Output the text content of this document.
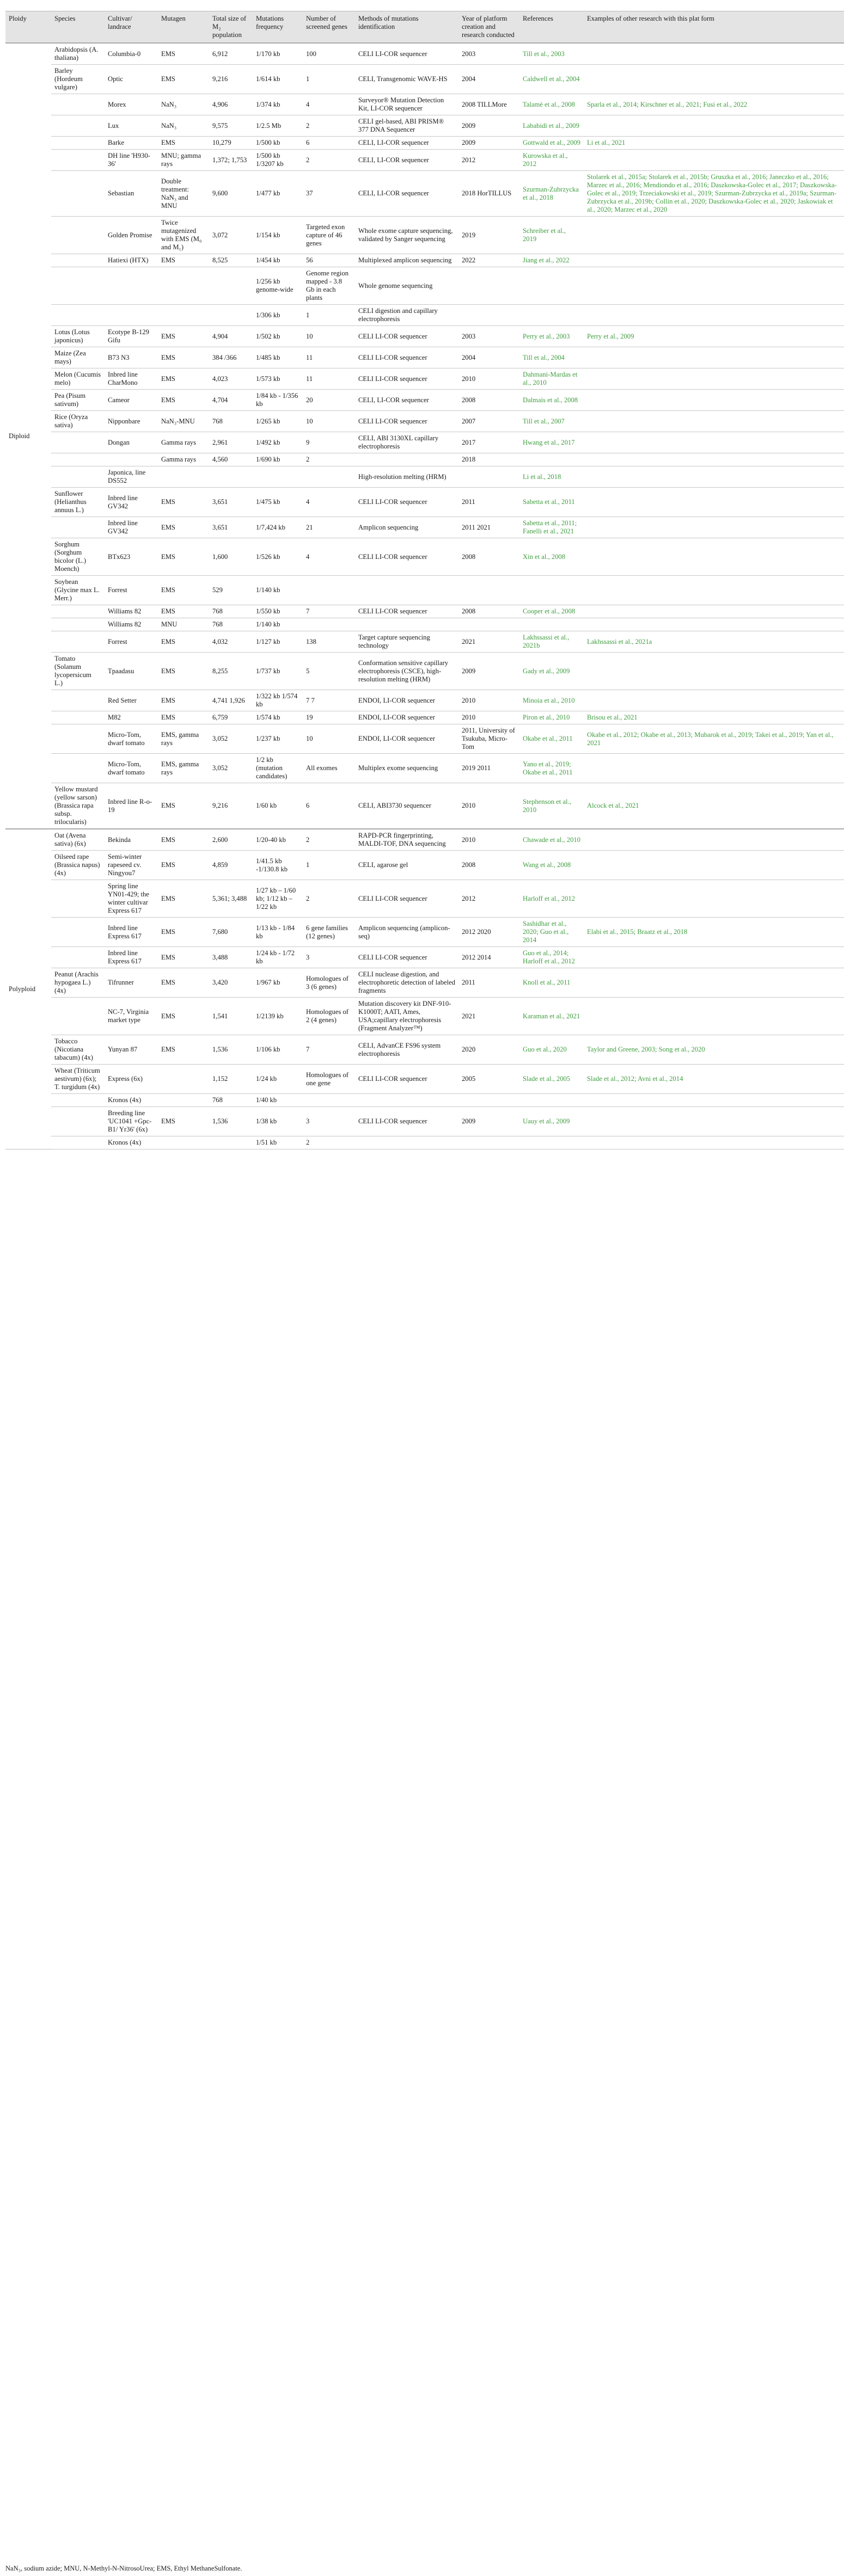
Ploidy	Species	Cultivar/ landrace	Mutagen	Total size of M₂ population	Mutations frequency	Number of screened genes	Methods of mutations identification	Year of platform creation and research conducted	References	Examples of other research with this plat form
Diploid	Arabidopsis (A. thaliana)	Columbia-0	EMS	6,912	1/170 kb	100	CELI LI-COR sequencer	2003	Till et al., 2003	
	Barley (Hordeum vulgare)	Optic	EMS	9,216	1/614 kb	1	CELI, Transgenomic WAVE-HS	2004	Caldwell et al., 2004	
		Morex	NaN₃	4,906	1/374 kb	4	Surveyor® Mutation Detection Kit, LI-COR sequencer	2008 TILLMore	Talamè et al., 2008	Sparla et al., 2014; Kirschner et al., 2021; Fusi et al., 2022
		Lux	NaN₃	9,575	1/2.5 Mb	2	CELI gel-based, ABI PRISM® 377 DNA Sequencer	2009	Lababidi et al., 2009	
		Barke	EMS	10,279	1/500 kb	6	CELI, LI-COR sequencer	2009	Gottwald et al., 2009	Li et al., 2021
		DH line 'H930-36'	MNU; gamma rays	1,372; 1,753	1/500 kb 1/3207 kb	2	CELI, LI-COR sequencer	2012	Kurowska et al., 2012	
		Sebastian	Double treatment: NaN₃ and MNU	9,600	1/477 kb	37	CELI, LI-COR sequencer	2018 HorTILLUS	Szurman-Zubrzycka et al., 2018	Stolarek et al., 2015a; Stolarek et al., 2015b; Gruszka et al., 2016; Janeczko et al., 2016; Marzec et al., 2016; Mendiondo et al., 2016; Daszkowska-Golec et al., 2017; Daszkowska-Golec et al., 2019; Trzeciakowski et al., 2019; Szurman-Zubrzycka et al., 2019a; Szurman-Zubrzycka et al., 2019b; Collin et al., 2020; Daszkowska-Golec et al., 2020; Jaskowiak et al., 2020; Marzec et al., 2020
		Golden Promise	Twice mutagenized with EMS (M₀ and M₁)	3,072	1/154 kb	Targeted exon capture of 46 genes	Whole exome capture sequencing, validated by Sanger sequencing	2019	Schreiber et al., 2019	
		Hatiexi (HTX)	EMS	8,525	1/454 kb	56	Multiplexed amplicon sequencing	2022	Jiang et al., 2022	
					1/256 kb genome-wide	Genome region mapped - 3.8 Gb in each plants	Whole genome sequencing			
					1/306 kb	1	CELI digestion and capillary electrophoresis			
	Lotus (Lotus japonicus)	Ecotype B-129 Gifu	EMS	4,904	1/502 kb	10	CELI LI-COR sequencer	2003	Perry et al., 2003	Perry et al., 2009
	Maize (Zea mays)	B73 N3	EMS	384 /366	1/485 kb	11	CELI LI-COR sequencer	2004	Till et al., 2004	
	Melon (Cucumis melo)	Inbred line CharMono	EMS	4,023	1/573 kb	11	CELI LI-COR sequencer	2010	Dahmani-Mardas et al., 2010	
	Pea (Pisum sativum)	Cameor	EMS	4,704	1/84 kb - 1/356 kb	20	CELI, LI-COR sequencer	2008	Dalmais et al., 2008	
	Rice (Oryza sativa)	Nipponbare	NaN₃-MNU	768	1/265 kb	10	CELI LI-COR sequencer	2007	Till et al., 2007	
		Dongan	Gamma rays	2,961	1/492 kb	9	CELI, ABI 3130XL capillary electrophoresis	2017	Hwang et al., 2017	
			Gamma rays	4,560	1/690 kb	2		2018		
		Japonica, line DS552					High-resolution melting (HRM)		Li et al., 2018	
	Sunflower (Helianthus annuus L.)	Inbred line GV342	EMS	3,651	1/475 kb	4	CELI LI-COR sequencer	2011	Sabetta et al., 2011	
		Inbred line GV342	EMS	3,651	1/7,424 kb	21	Amplicon sequencing	2011 2021	Sabetta et al., 2011; Fanelli et al., 2021	
	Sorghum (Sorghum bicolor (L.) Moench)	BTx623	EMS	1,600	1/526 kb	4	CELI LI-COR sequencer	2008	Xin et al., 2008	
	Soybean (Glycine max L. Merr.)	Forrest	EMS	529	1/140 kb					
		Williams 82	EMS	768	1/550 kb	7	CELI LI-COR sequencer	2008	Cooper et al., 2008	
		Williams 82	MNU	768	1/140 kb					
		Forrest	EMS	4,032	1/127 kb	138	Target capture sequencing technology	2021	Lakhssassi et al., 2021b	Lakhssassi et al., 2021a
	Tomato (Solanum lycopersicum L.)	Tpaadasu	EMS	8,255	1/737 kb	5	Conformation sensitive capillary electrophoresis (CSCE), high-resolution melting (HRM)	2009	Gady et al., 2009	
		Red Setter	EMS	4,741 1,926	1/322 kb 1/574 kb	7 7	ENDOI, LI-COR sequencer	2010	Minoia et al., 2010	
		M82	EMS	6,759	1/574 kb	19	ENDOI, LI-COR sequencer	2010	Piron et al., 2010	Brisou et al., 2021
		Micro-Tom, dwarf tomato	EMS, gamma rays	3,052	1/237 kb	10	ENDOI, LI-COR sequencer	2011, University of Tsukuba, Micro-Tom	Okabe et al., 2011	Okabe et al., 2012; Okabe et al., 2013; Mubarok et al., 2019; Takei et al., 2019; Yan et al., 2021
		Micro-Tom, dwarf tomato	EMS, gamma rays	3,052	1/2 kb (mutation candidates)	All exomes	Multiplex exome sequencing	2019 2011	Yano et al., 2019; Okabe et al., 2011	
	Yellow mustard (yellow sarson) (Brassica rapa subsp. trilocularis)	Inbred line R-o-19	EMS	9,216	1/60 kb	6	CELI, ABI3730 sequencer	2010	Stephenson et al., 2010	Alcock et al., 2021
Polyploid	Oat (Avena sativa) (6x)	Bekinda	EMS	2,600	1/20-40 kb	2	RAPD-PCR fingerprinting, MALDI-TOF, DNA sequencing	2010	Chawade et al., 2010	
	Oilseed rape (Brassica napus) (4x)	Semi-winter rapeseed cv. Ningyou7	EMS	4,859	1/41.5 kb -1/130.8 kb	1	CELI, agarose gel	2008	Wang et al., 2008	
		Spring line YN01-429; the winter cultivar Express 617	EMS	5,361; 3,488	1/27 kb – 1/60 kb; 1/12 kb – 1/22 kb	2	CELI LI-COR sequencer	2012	Harloff et al., 2012	
		Inbred line Express 617	EMS	7,680	1/13 kb - 1/84 kb	6 gene families (12 genes)	Amplicon sequencing (amplicon-seq)	2012 2020	Sashidhar et al., 2020; Guo et al., 2014	Elabi et al., 2015; Braatz et al., 2018
		Inbred line Express 617	EMS	3,488	1/24 kb - 1/72 kb	3	CELI LI-COR sequencer	2012 2014	Guo et al., 2014; Harloff et al., 2012	
	Peanut (Arachis hypogaea L.) (4x)	Tifrunner	EMS	3,420	1/967 kb	Homologues of 3 (6 genes)	CELI nuclease digestion, and electrophoretic detection of labeled fragments	2011	Knoll et al., 2011	
		NC-7, Virginia market type	EMS	1,541	1/2139 kb	Homologues of 2 (4 genes)	Mutation discovery kit DNF-910-K1000T; AATI, Ames, USA;capillary electrophoresis (Fragment Analyzer™)	2021	Karaman et al., 2021	
	Tobacco (Nicotiana tabacum) (4x)	Yunyan 87	EMS	1,536	1/106 kb	7	CELI, AdvanCE FS96 system electrophoresis	2020	Guo et al., 2020	Taylor and Greene, 2003; Song et al., 2020
	Wheat (Triticum aestivum) (6x); T. turgidum (4x)	Express (6x)		1,152	1/24 kb	Homologues of one gene	CELI LI-COR sequencer	2005	Slade et al., 2005	Slade et al., 2012; Avni et al., 2014
		Kronos (4x)		768	1/40 kb					
		Breeding line 'UC1041 +Gpc-B1/ Yr36' (6x)	EMS	1,536	1/38 kb	3	CELI LI-COR sequencer	2009	Uauy et al., 2009	
		Kronos (4x)			1/51 kb	2				
NaN₃, sodium azide; MNU, N-Methyl-N-NitrosoUrea; EMS, Ethyl MethaneSulfonate.
